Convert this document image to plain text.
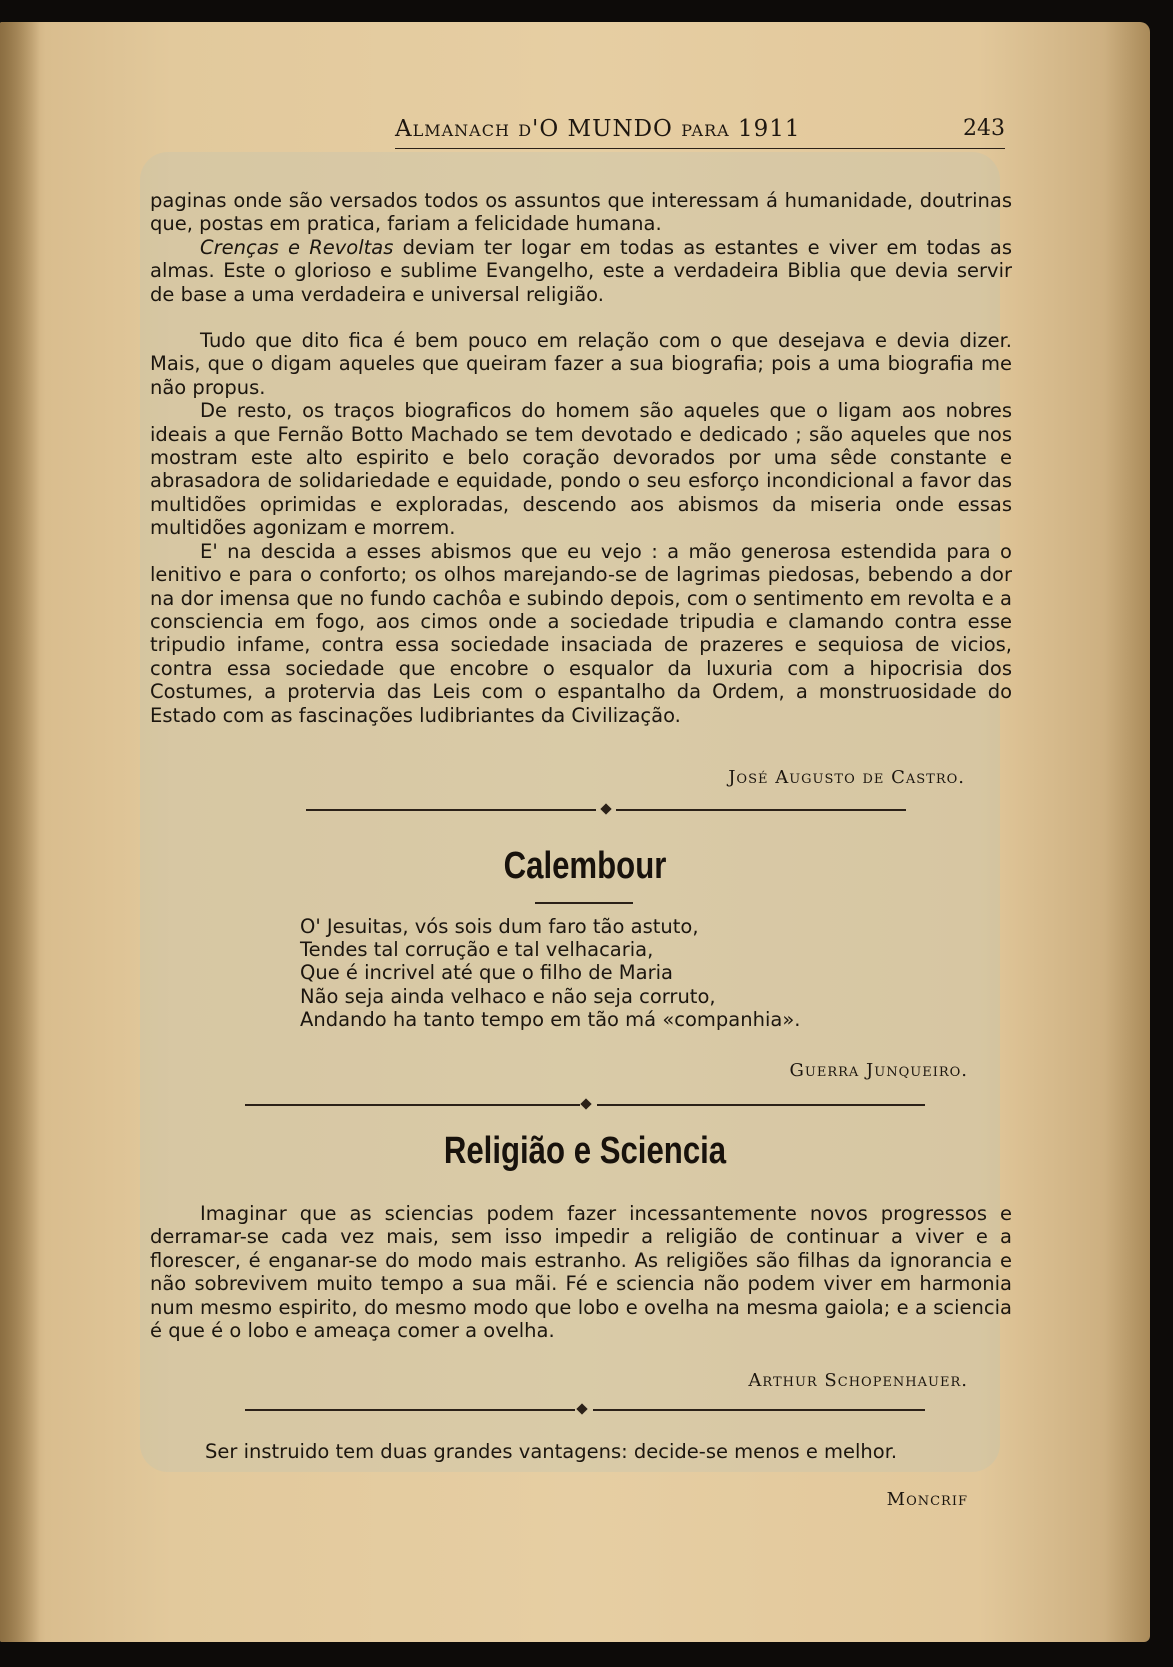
Almanach d'O MUNDO para 1911	243

paginas onde são versados todos os assuntos que interessam á humanidade, doutrinas que, postas em pratica, fariam a felicidade humana.

Crenças e Revoltas deviam ter logar em todas as estantes e viver em todas as almas. Este o glorioso e sublime Evangelho, este a verdadeira Biblia que devia servir de base a uma verdadeira e universal religião.

Tudo que dito fica é bem pouco em relação com o que desejava e devia dizer. Mais, que o digam aqueles que queiram fazer a sua biografia; pois a uma biografia me não propus.

De resto, os traços biograficos do homem são aqueles que o ligam aos nobres ideais a que Fernão Botto Machado se tem devotado e dedicado ; são aqueles que nos mostram este alto espirito e belo coração devorados por uma sêde constante e abrasadora de solidariedade e equidade, pondo o seu esforço incondicional a favor das multidões oprimidas e exploradas, descendo aos abismos da miseria onde essas multidões agonizam e morrem.

E' na descida a esses abismos que eu vejo : a mão generosa estendida para o lenitivo e para o conforto; os olhos marejando-se de lagrimas piedosas, bebendo a dor na dor imensa que no fundo cachôa e subindo depois, com o sentimento em revolta e a consciencia em fogo, aos cimos onde a sociedade tripudia e clamando contra esse tripudio infame, contra essa sociedade insaciada de prazeres e sequiosa de vicios, contra essa sociedade que encobre o esqualor da luxuria com a hipocrisia dos Costumes, a protervia das Leis com o espantalho da Ordem, a monstruosidade do Estado com as fascinações ludibriantes da Civilização.

José Augusto de Castro.
Calembour
O' Jesuitas, vós sois dum faro tão astuto,
Tendes tal corrução e tal velhacaria,
Que é incrivel até que o filho de Maria
Não seja ainda velhaco e não seja corruto,
Andando ha tanto tempo em tão má «companhia».
Guerra Junqueiro.
Religião e Sciencia

Imaginar que as sciencias podem fazer incessantemente novos progressos e derramar-se cada vez mais, sem isso impedir a religião de continuar a viver e a florescer, é enganar-se do modo mais estranho. As religiões são filhas da ignorancia e não sobrevivem muito tempo a sua mãi. Fé e sciencia não podem viver em harmonia num mesmo espirito, do mesmo modo que lobo e ovelha na mesma gaiola; e a sciencia é que é o lobo e ameaça comer a ovelha.

Arthur Schopenhauer.
Ser instruido tem duas grandes vantagens: decide-se menos e melhor.
Moncrif
